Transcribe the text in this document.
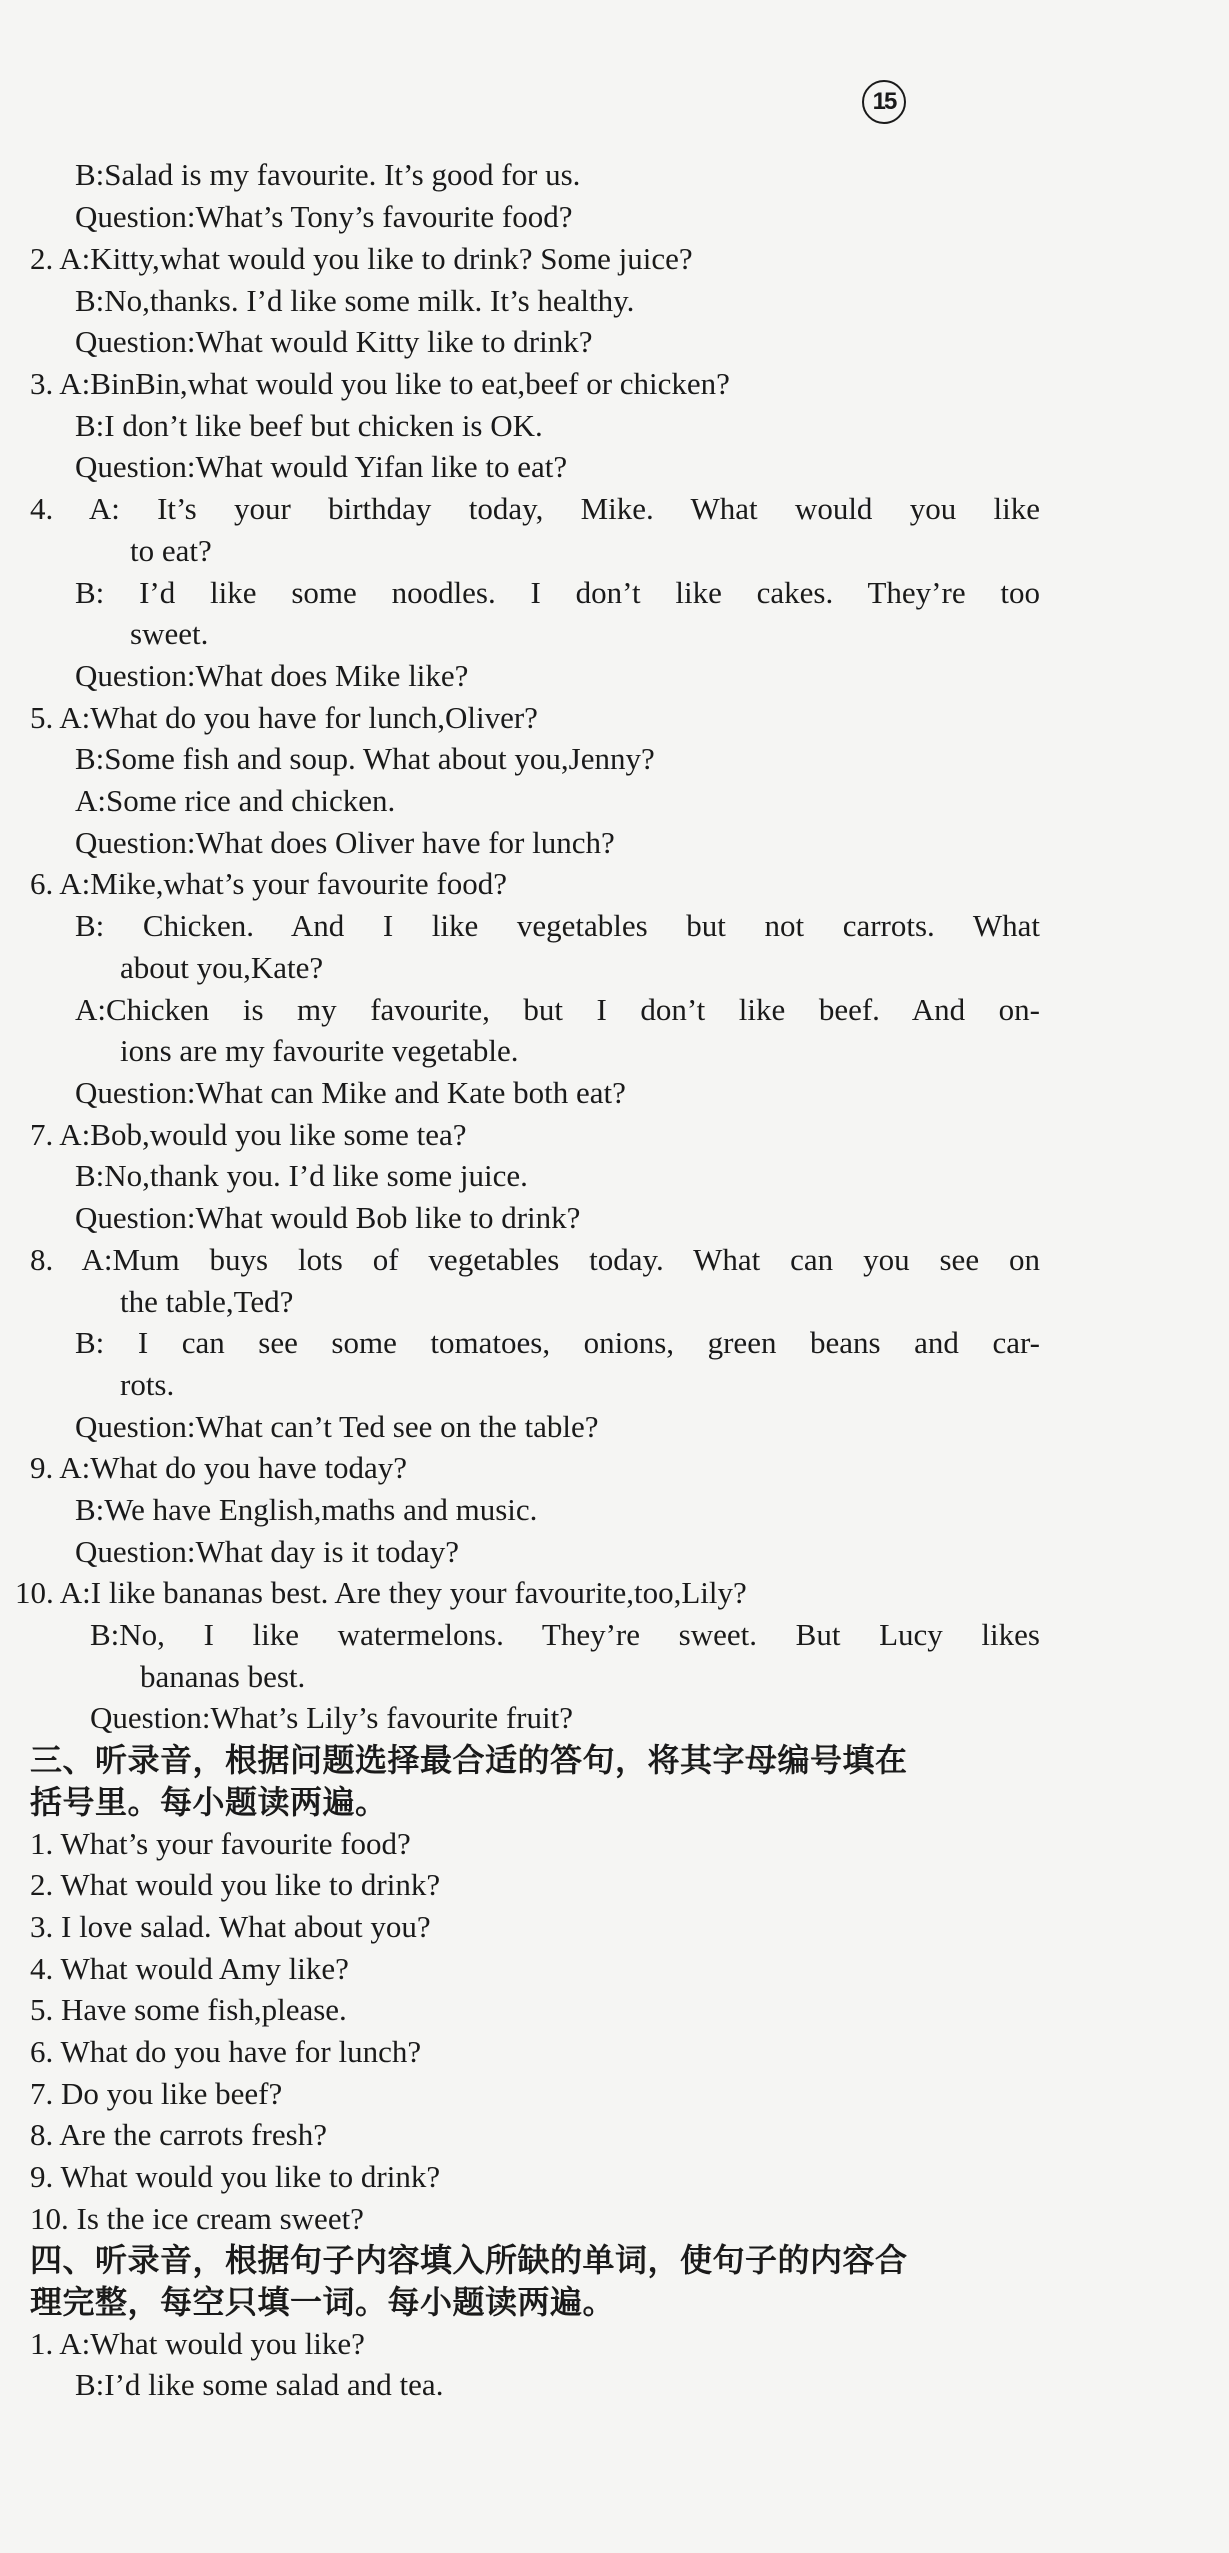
15
B:Salad is my favourite. It’s good for us.
Question:What’s Tony’s favourite food?
2. A:Kitty,what would you like to drink? Some juice?
B:No,thanks. I’d like some milk. It’s healthy.
Question:What would Kitty like to drink?
3. A:BinBin,what would you like to eat,beef or chicken?
B:I don’t like beef but chicken is OK.
Question:What would Yifan like to eat?
4. A: It’s your birthday today, Mike. What would you like
to eat?
B: I’d like some noodles. I don’t like cakes. They’re too
sweet.
Question:What does Mike like?
5. A:What do you have for lunch,Oliver?
B:Some fish and soup. What about you,Jenny?
A:Some rice and chicken.
Question:What does Oliver have for lunch?
6. A:Mike,what’s your favourite food?
B: Chicken. And I like vegetables but not carrots. What
about you,Kate?
A:Chicken is my favourite, but I don’t like beef. And on-
ions are my favourite vegetable.
Question:What can Mike and Kate both eat?
7. A:Bob,would you like some tea?
B:No,thank you. I’d like some juice.
Question:What would Bob like to drink?
8. A:Mum buys lots of vegetables today. What can you see on
the table,Ted?
B: I can see some tomatoes, onions, green beans and car-
rots.
Question:What can’t Ted see on the table?
9. A:What do you have today?
B:We have English,maths and music.
Question:What day is it today?
10. A:I like bananas best. Are they your favourite,too,Lily?
B:No, I like watermelons. They’re sweet. But Lucy likes
bananas best.
Question:What’s Lily’s favourite fruit?
三、听录音，根据问题选择最合适的答句，将其字母编号填在
括号里。每小题读两遍。
1. What’s your favourite food?
2. What would you like to drink?
3. I love salad. What about you?
4. What would Amy like?
5. Have some fish,please.
6. What do you have for lunch?
7. Do you like beef?
8. Are the carrots fresh?
9. What would you like to drink?
10. Is the ice cream sweet?
四、听录音，根据句子内容填入所缺的单词，使句子的内容合
理完整，每空只填一词。每小题读两遍。
1. A:What would you like?
B:I’d like some salad and tea.
